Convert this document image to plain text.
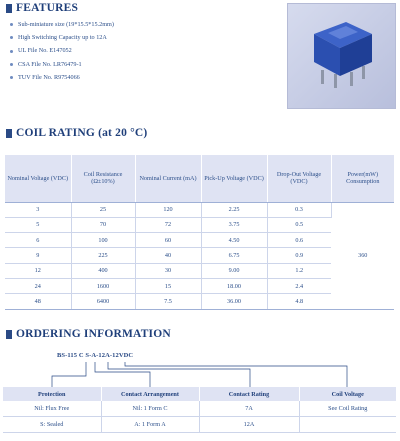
FEATURES
Sub-miniature size (19*15.5*15.2mm)
High Switching Capacity up to 12A
UL File No. E147052
CSA File No. LR76479-1
TUV File No. R9754066
COIL RATING (at 20 °C)
Nominal Voltage (VDC)	Coil Resistance (Ω±10%)	Nominal Current (mA)	Pick-Up Voltage (VDC)	Drop-Out Voltage (VDC)	Power(mW) Consumption
3	25	120	2.25	0.3	360
5	70	72	3.75	0.5	
6	100	60	4.50	0.6	
9	225	40	6.75	0.9	
12	400	30	9.00	1.2	
24	1600	15	18.00	2.4	
48	6400	7.5	36.00	4.8	
ORDERING INFORMATION
BS-115 C S-A-12A-12VDC
Protection	Contact Arrangement	Contact Rating	Coil Voltage
Nil: Flux Free	Nil: 1 Form C	7A	See Coil Rating
S: Sealed	A: 1 Form A	12A	
